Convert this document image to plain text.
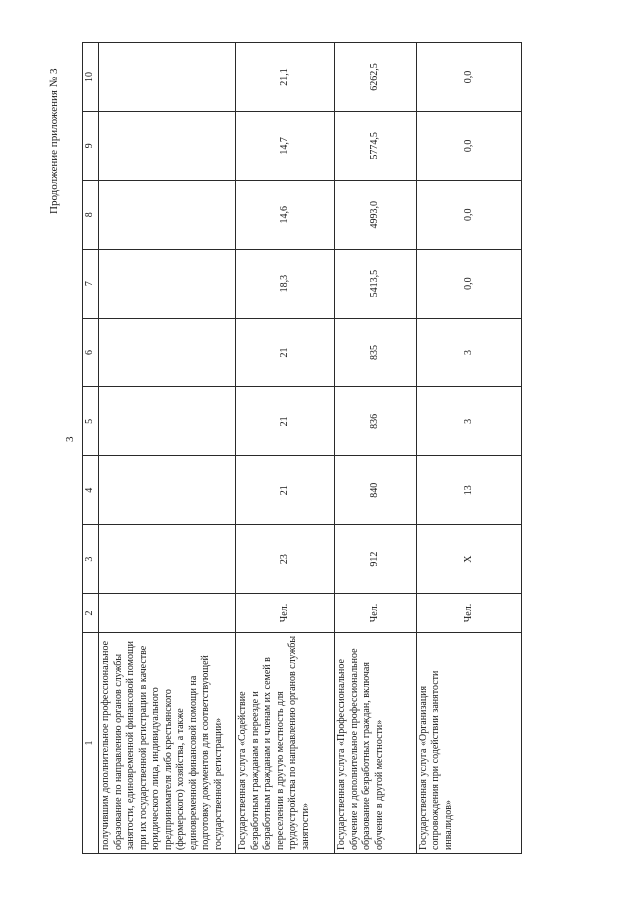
3
Продолжение приложения № 3
1	2	3	4	5	6	7	8	9	10
получившим дополнительное профессиональное образование по направлению органов службы занятости, единовременной финансовой помощи при их государственной регистрации в качестве юридического лица, индивидуального предпринимателя либо крестьянского (фермерского) хозяйства, а также единовременной финансовой помощи на подготовку документов для соответствующей государственной регистрации»									
Государственная услуга «Содействие безработным гражданам в переезде и безработным гражданам и членам их семей в переселении в другую местность для трудоустройства по направлению органов службы занятости»	Чел.	23	21	21	21	18,3	14,6	14,7	21,1
Государственная услуга «Профессиональное обучение и дополнительное профессиональное образование безработных граждан, включая обучение в другой местности»	Чел.	912	840	836	835	5413,5	4993,0	5774,5	6262,5
Государственная услуга «Организация сопровождения при содействии занятости инвалидов»	Чел.	Х	13	3	3	0,0	0,0	0,0	0,0
